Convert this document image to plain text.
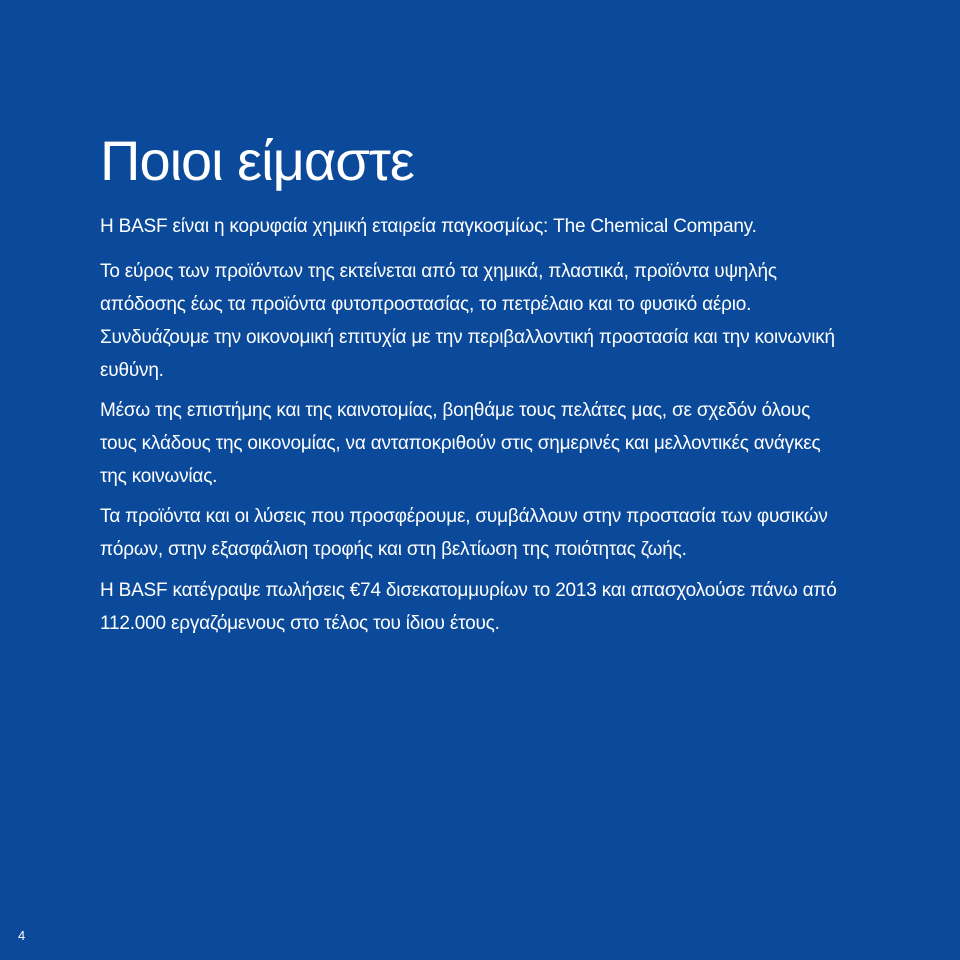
Ποιοι είμαστε

Η BASF είναι η κορυφαία χημική εταιρεία παγκοσμίως: The Chemical Company.

Το εύρος των προϊόντων της εκτείνεται από τα χημικά, πλαστικά, προϊόντα υψηλής απόδοσης έως τα προϊόντα φυτοπροστασίας, το πετρέλαιο και το φυσικό αέριο. Συνδυάζουμε την οικονομική επιτυχία με την περιβαλλοντική προστασία και την κοινωνική ευθύνη.

Μέσω της επιστήμης και της καινοτομίας, βοηθάμε τους πελάτες μας, σε σχεδόν όλους τους κλάδους της οικονομίας, να ανταποκριθούν στις σημερινές και μελλοντικές ανάγκες της κοινωνίας.

Τα προϊόντα και οι λύσεις που προσφέρουμε, συμβάλλουν στην προστασία των φυσικών πόρων, στην εξασφάλιση τροφής και στη βελτίωση της ποιότητας ζωής.

Η BASF κατέγραψε πωλήσεις €74 δισεκατομμυρίων το 2013 και απασχολούσε πάνω από 112.000 εργαζόμενους στο τέλος του ίδιου έτους.

4
